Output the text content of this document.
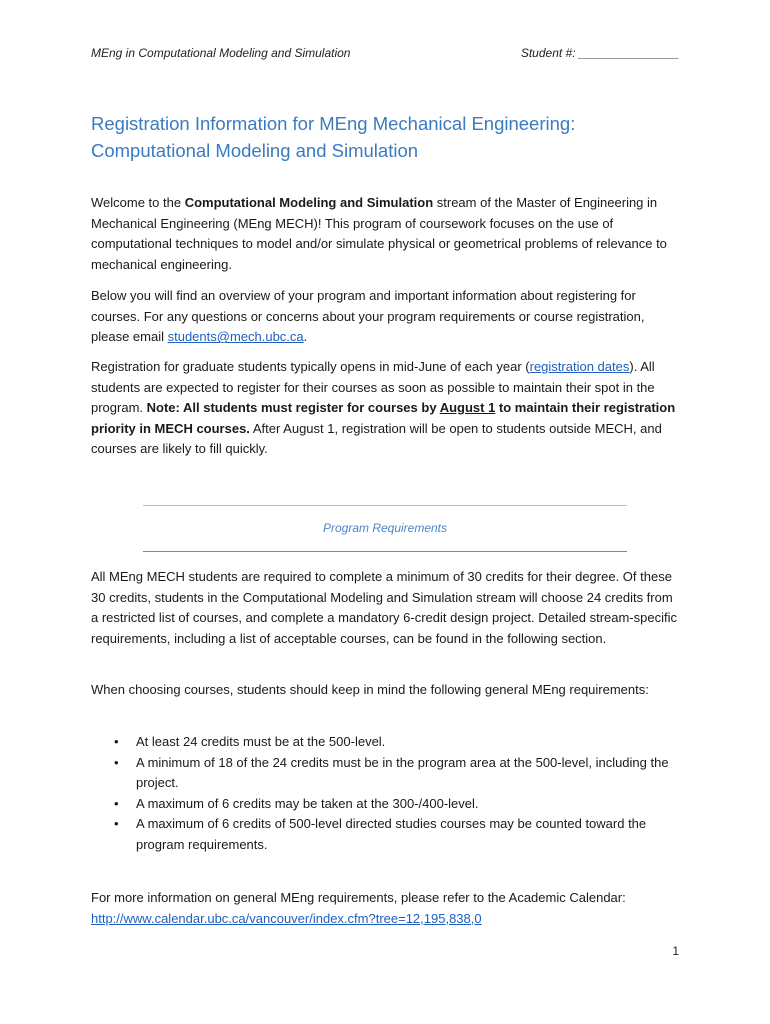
MEng in Computational Modeling and Simulation	Student #: _______________
Registration Information for MEng Mechanical Engineering:
Computational Modeling and Simulation

Welcome to the Computational Modeling and Simulation stream of the Master of Engineering in Mechanical Engineering (MEng MECH)! This program of coursework focuses on the use of computational techniques to model and/or simulate physical or geometrical problems of relevance to mechanical engineering.

Below you will find an overview of your program and important information about registering for courses. For any questions or concerns about your program requirements or course registration, please email students@mech.ubc.ca.

Registration for graduate students typically opens in mid-June of each year (registration dates). All students are expected to register for their courses as soon as possible to maintain their spot in the program. Note: All students must register for courses by August 1 to maintain their registration priority in MECH courses. After August 1, registration will be open to students outside MECH, and courses are likely to fill quickly.

Program Requirements

All MEng MECH students are required to complete a minimum of 30 credits for their degree. Of these 30 credits, students in the Computational Modeling and Simulation stream will choose 24 credits from a restricted list of courses, and complete a mandatory 6-credit design project. Detailed stream-specific requirements, including a list of acceptable courses, can be found in the following section.

When choosing courses, students should keep in mind the following general MEng requirements:

• At least 24 credits must be at the 500-level.
• A minimum of 18 of the 24 credits must be in the program area at the 500-level, including the project.
• A maximum of 6 credits may be taken at the 300-/400-level.
• A maximum of 6 credits of 500-level directed studies courses may be counted toward the program requirements.

For more information on general MEng requirements, please refer to the Academic Calendar:
http://www.calendar.ubc.ca/vancouver/index.cfm?tree=12,195,838,0

1
